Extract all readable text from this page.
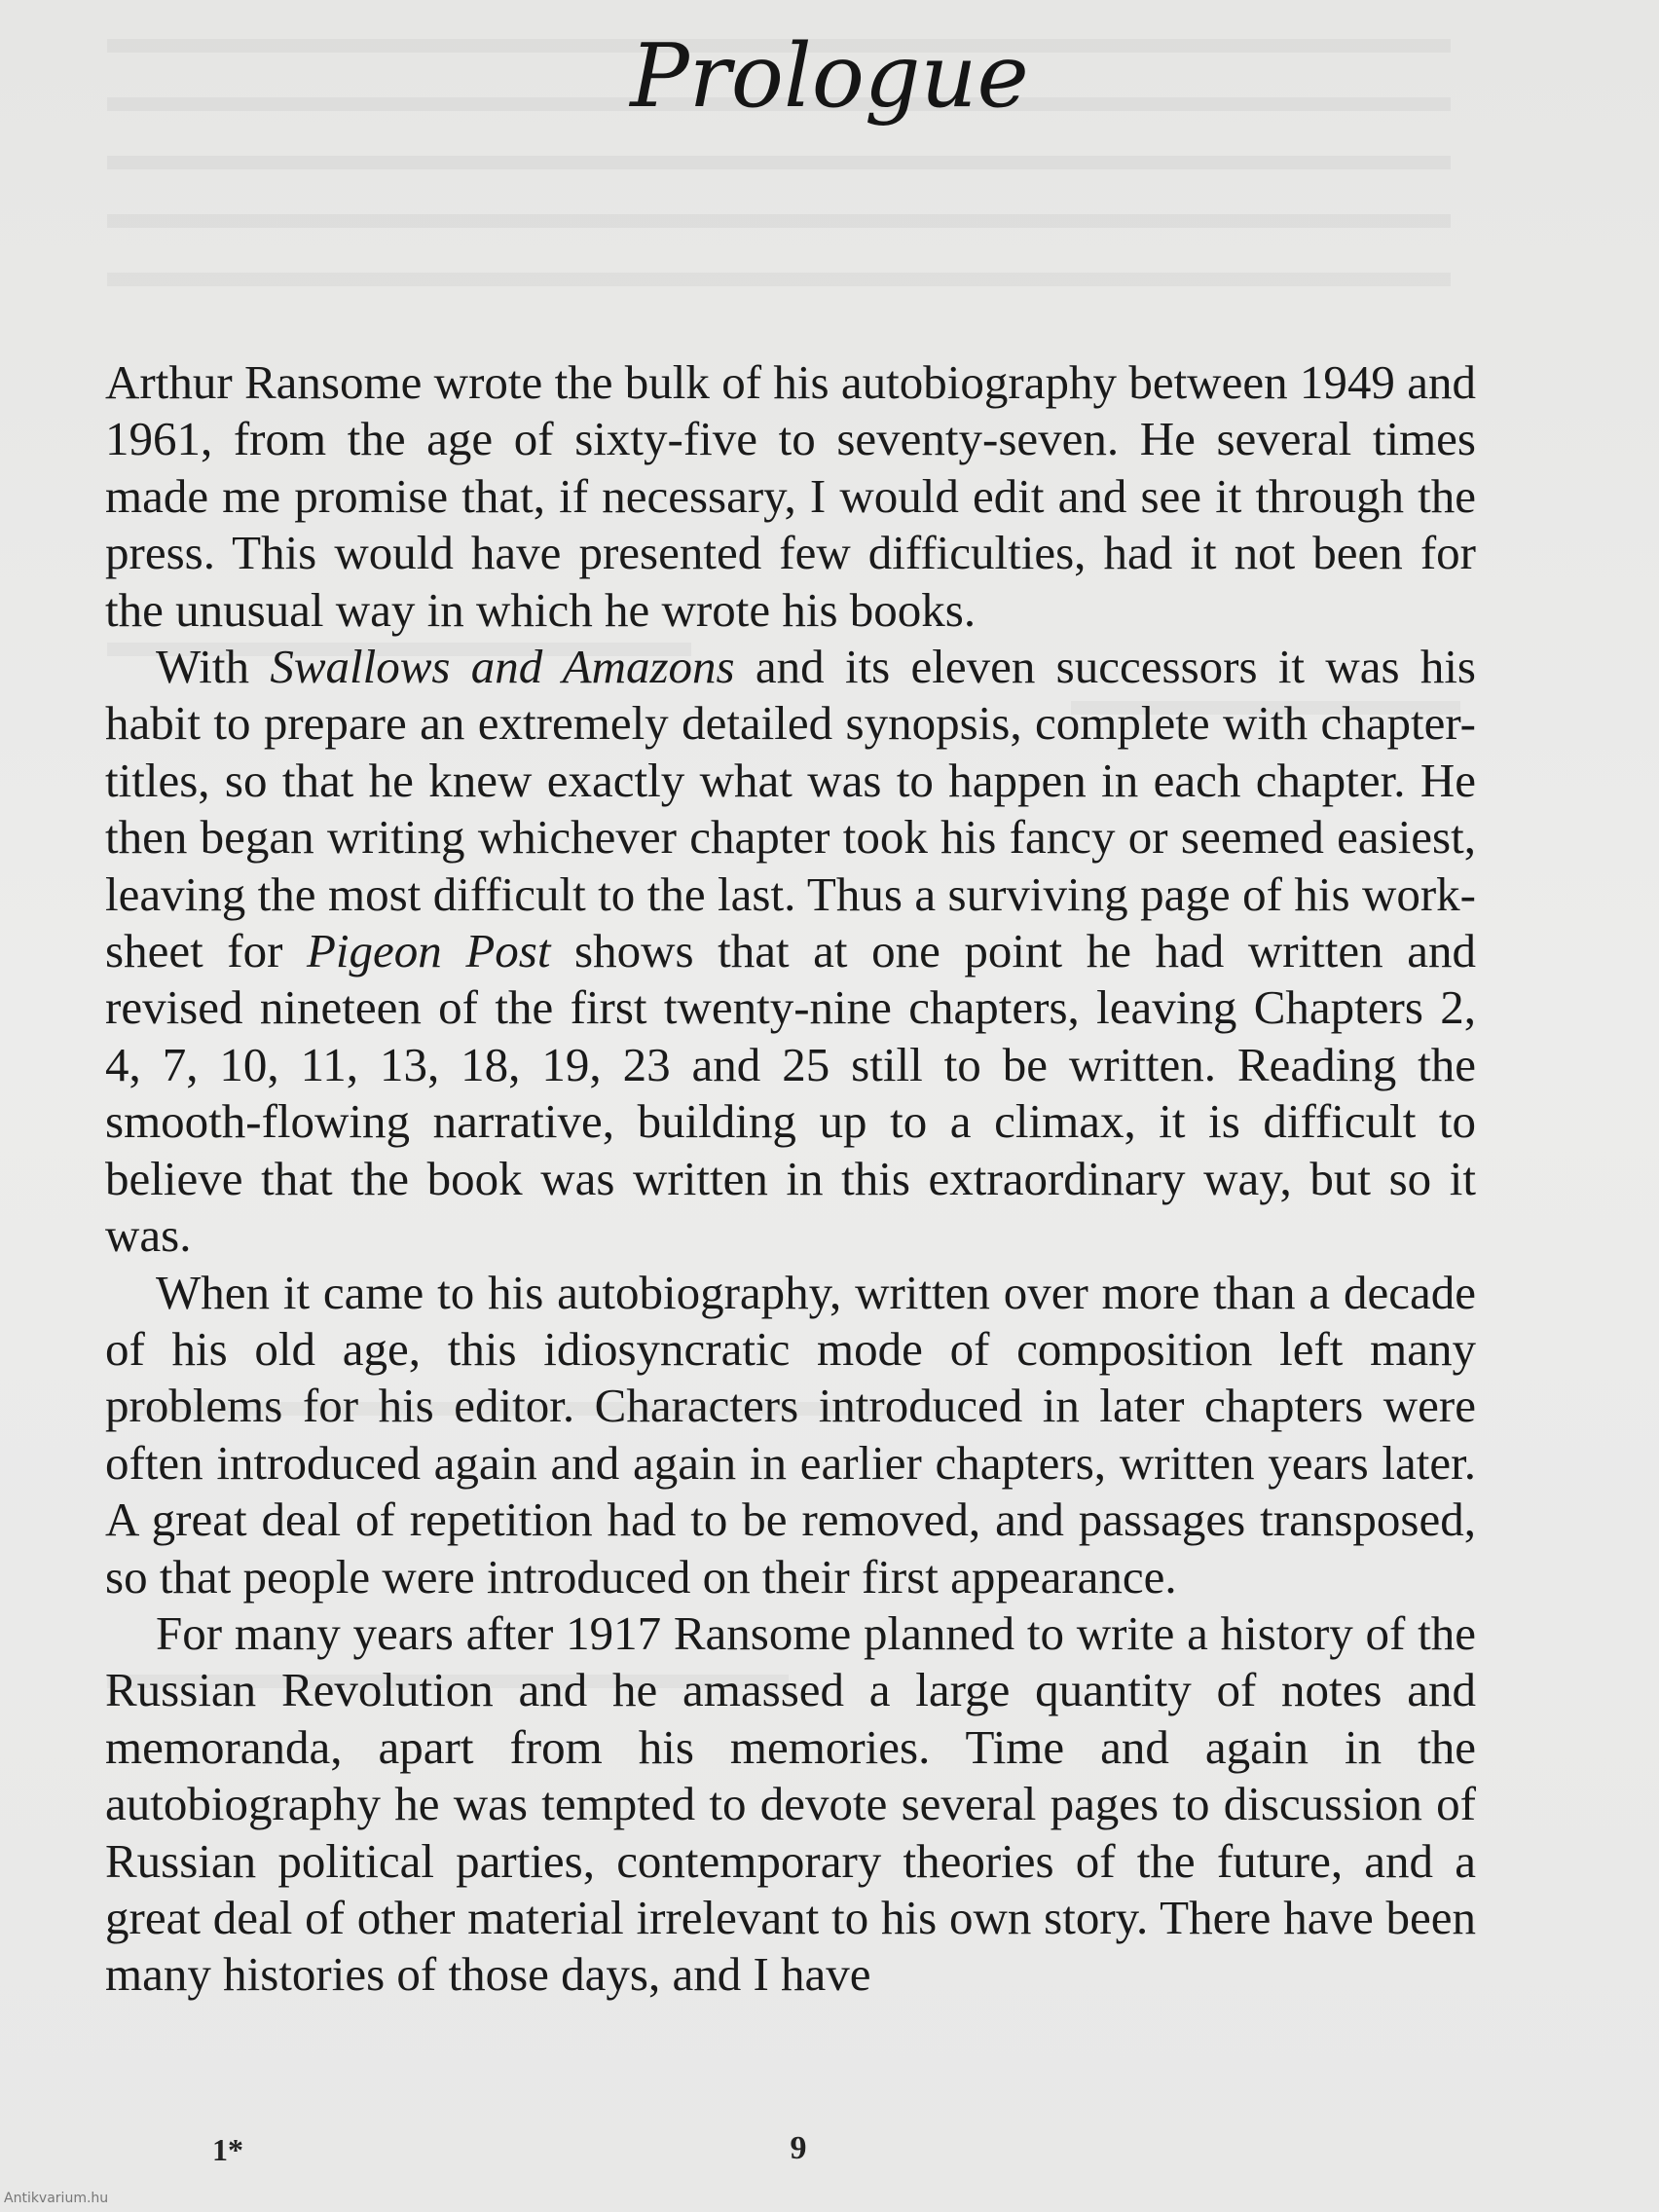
Prologue

Arthur Ransome wrote the bulk of his autobiography between 1949 and 1961, from the age of sixty-five to seventy-seven. He several times made me promise that, if necessary, I would edit and see it through the press. This would have presented few difficulties, had it not been for the unusual way in which he wrote his books.

With Swallows and Amazons and its eleven successors it was his habit to prepare an extremely detailed synopsis, complete with chapter-titles, so that he knew exactly what was to happen in each chapter. He then began writing whichever chapter took his fancy or seemed easiest, leaving the most difficult to the last. Thus a surviving page of his work-sheet for Pigeon Post shows that at one point he had written and revised nineteen of the first twenty-nine chapters, leaving Chapters 2, 4, 7, 10, 11, 13, 18, 19, 23 and 25 still to be written. Reading the smooth-flowing narrative, building up to a climax, it is difficult to believe that the book was written in this extraordinary way, but so it was.

When it came to his autobiography, written over more than a decade of his old age, this idiosyncratic mode of composition left many problems for his editor. Characters introduced in later chapters were often introduced again and again in earlier chapters, written years later. A great deal of repetition had to be removed, and passages transposed, so that people were introduced on their first appearance.

For many years after 1917 Ransome planned to write a history of the Russian Revolution and he amassed a large quantity of notes and memoranda, apart from his memories. Time and again in the autobiography he was tempted to devote several pages to discussion of Russian political parties, contemporary theories of the future, and a great deal of other material irrelevant to his own story. There have been many histories of those days, and I have

1*	9
Antikvarium.hu
